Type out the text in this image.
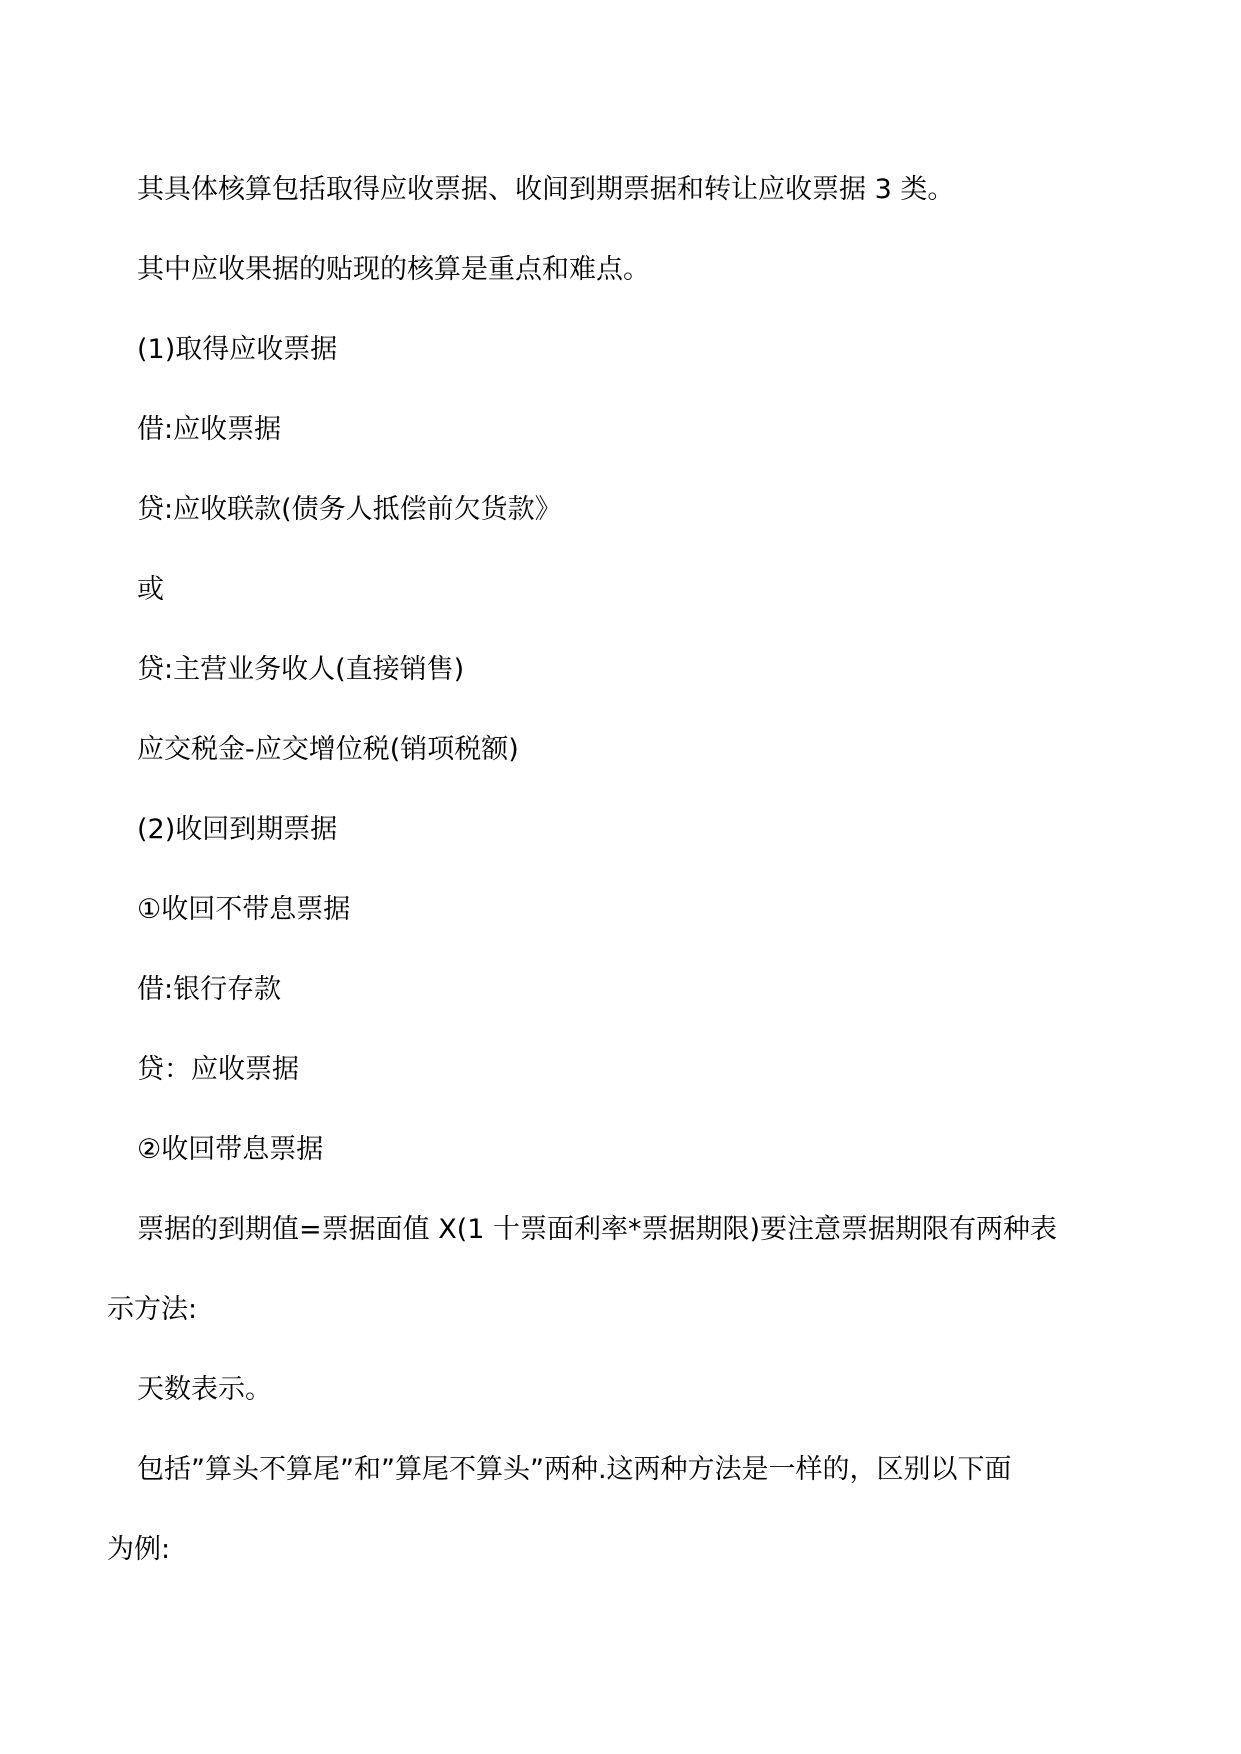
其具体核算包括取得应收票据、收间到期票据和转让应收票据 3 类。
其中应收果据的贴现的核算是重点和难点。
(1)取得应收票据
借:应收票据
贷:应收联款(债务人抵偿前欠货款》
或
贷:主营业务收人(直接销售)
应交税金-应交增位税(销项税额)
(2)收回到期票据
①收回不带息票据
借:银行存款
贷：应收票据
②收回带息票据
票据的到期值=票据面值 X(1 十票面利率*票据期限)要注意票据期限有两种表
示方法:
天数表示。
包括”算头不算尾”和”算尾不算头”两种.这两种方法是一样的，区别以下面
为例:
